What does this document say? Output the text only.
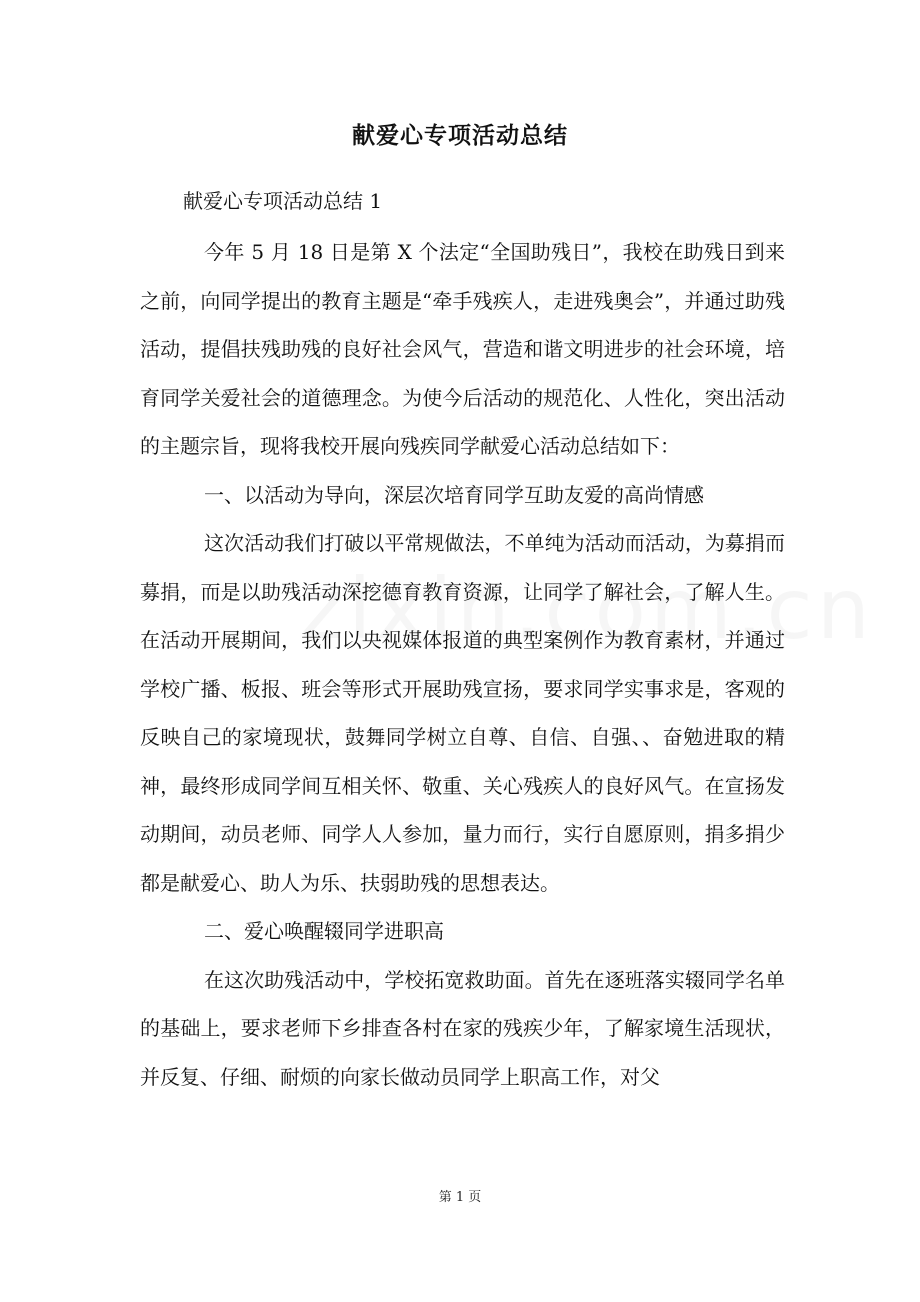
献爱心专项活动总结
献爱心专项活动总结 1

今年 5 月 18 日是第 X 个法定“全国助残日”，我校在助残日到来之前，向同学提出的教育主题是“牵手残疾人，走进残奥会”，并通过助残活动，提倡扶残助残的良好社会风气，营造和谐文明进步的社会环境，培育同学关爱社会的道德理念。为使今后活动的规范化、人性化，突出活动的主题宗旨，现将我校开展向残疾同学献爱心活动总结如下：

一、以活动为导向，深层次培育同学互助友爱的高尚情感

这次活动我们打破以平常规做法，不单纯为活动而活动，为募捐而募捐，而是以助残活动深挖德育教育资源，让同学了解社会，了解人生。在活动开展期间，我们以央视媒体报道的典型案例作为教育素材，并通过学校广播、板报、班会等形式开展助残宣扬，要求同学实事求是，客观的反映自己的家境现状，鼓舞同学树立自尊、自信、自强、、奋勉进取的精神，最终形成同学间互相关怀、敬重、关心残疾人的良好风气。在宣扬发动期间，动员老师、同学人人参加，量力而行，实行自愿原则，捐多捐少都是献爱心、助人为乐、扶弱助残的思想表达。

二、爱心唤醒辍同学进职高

在这次助残活动中，学校拓宽救助面。首先在逐班落实辍同学名单的基础上，要求老师下乡排查各村在家的残疾少年，了解家境生活现状，并反复、仔细、耐烦的向家长做动员同学上职高工作，对父

第 1 页
